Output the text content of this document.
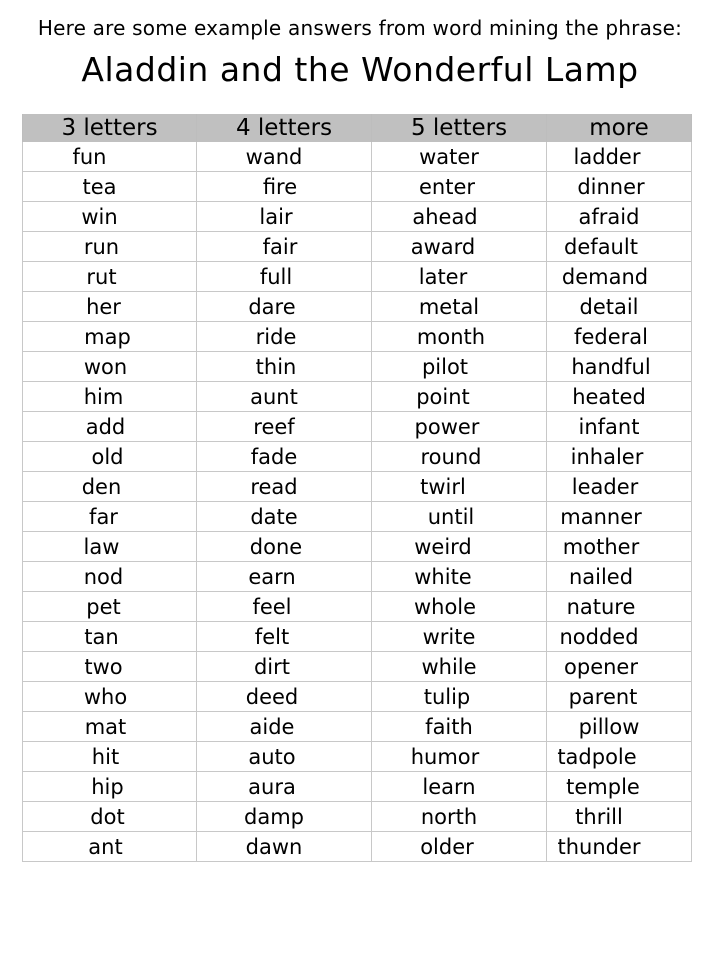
Here are some example answers from word mining the phrase:
Aladdin and the Wonderful Lamp
3 letters	4 letters	5 letters	more
fun	wand	water	ladder
tea	fire	enter	dinner
win	lair	ahead	afraid
run	fair	award	default
rut	full	later	demand
her	dare	metal	detail
map	ride	month	federal
won	thin	pilot	handful
him	aunt	point	heated
add	reef	power	infant
old	fade	round	inhaler
den	read	twirl	leader
far	date	until	manner
law	done	weird	mother
nod	earn	white	nailed
pet	feel	whole	nature
tan	felt	write	nodded
two	dirt	while	opener
who	deed	tulip	parent
mat	aide	faith	pillow
hit	auto	humor	tadpole
hip	aura	learn	temple
dot	damp	north	thrill
ant	dawn	older	thunder
